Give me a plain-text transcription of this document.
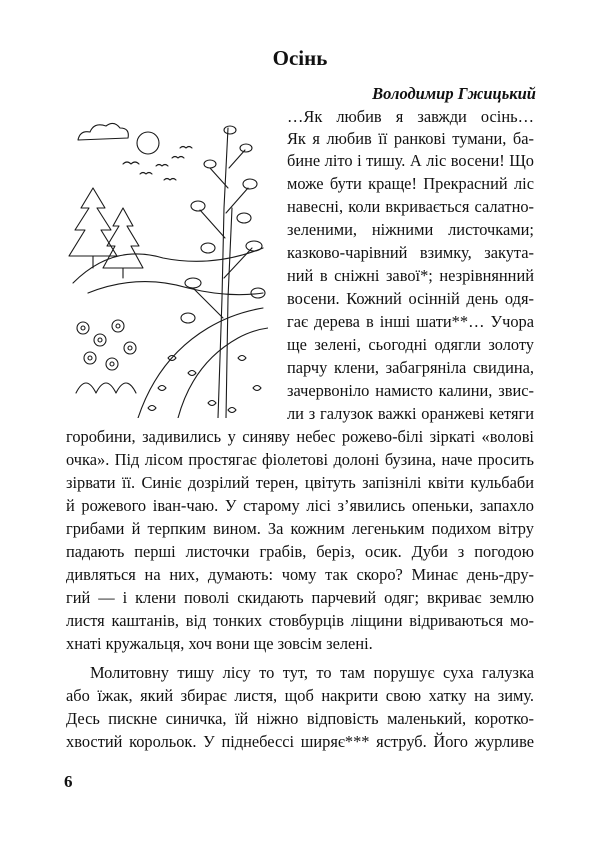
Осінь
Володимир Гжицький
…Як любив я завжди осінь…
Як я любив її ранкові тумани, ба-
бине літо і тишу. А ліс восени! Що
може бути краще! Прекрасний ліс
навесні, коли вкривається салатно-
зеленими, ніжними листочками;
казково-чарівний взимку, закута-
ний в сніжні завої*; незрівнянний
восени. Кожний осінній день одя-
гає дерева в інші шати**… Учора
ще зелені, сьогодні одягли золоту
парчу клени, забагряніла свидина,
зачервоніло намисто калини, звис-
ли з галузок важкі оранжеві кетяги
горобини, задивились у синяву небес рожево-білі зіркаті «волові
очка». Під лісом простягає фіолетові долоні бузина, наче просить
зірвати її. Синіє дозрілий терен, цвітуть запізнілі квіти кульбаби
й рожевого іван-чаю. У старому лісі з’явились опеньки, запахло
грибами й терпким вином. За кожним легеньким подихом вітру
падають перші листочки грабів, беріз, осик. Дуби з погодою
дивляться на них, думають: чому так скоро? Минає день-дру-
гий — і клени поволі скидають парчевий одяг; вкриває землю
листя каштанів, від тонких стовбурців ліщини відриваються мо-
хнаті кружальця, хоч вони ще зовсім зелені.
Молитовну тишу лісу то тут, то там порушує суха галузка
або їжак, який збирає листя, щоб накрити свою хатку на зиму.
Десь пискне синичка, їй ніжно відповість маленький, коротко-
хвостий корольок. У піднебессі ширяє*** яструб. Його журливе
6
